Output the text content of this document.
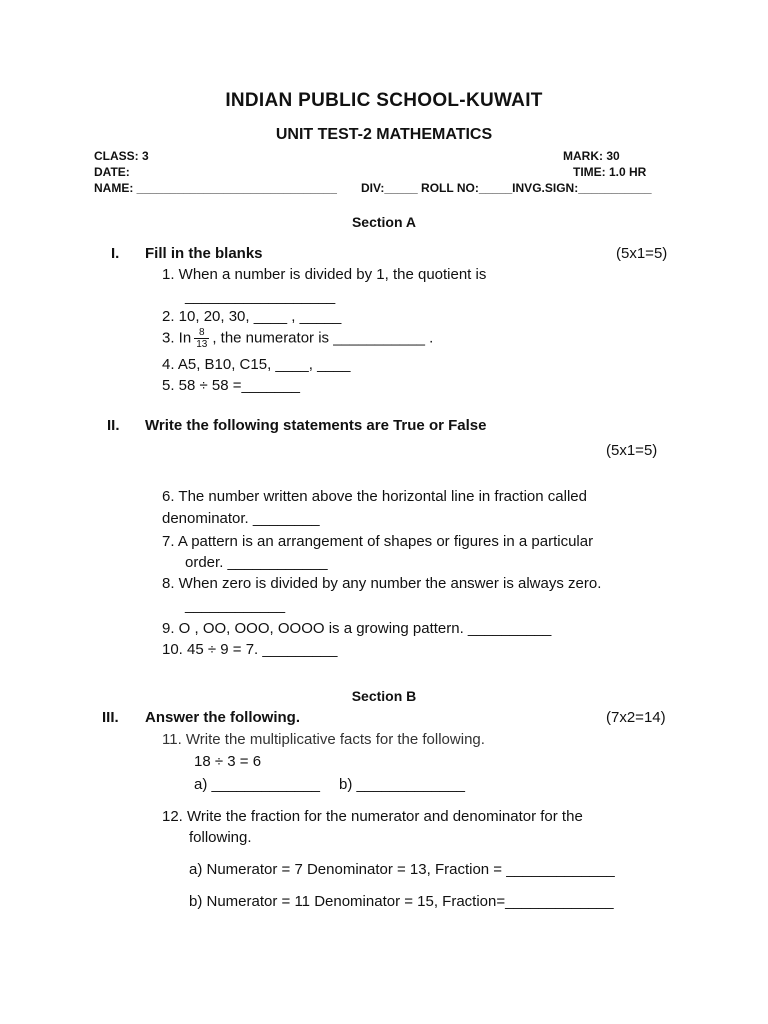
INDIAN PUBLIC SCHOOL-KUWAIT
UNIT TEST-2 MATHEMATICS
CLASS: 3	MARK: 30
DATE:	TIME: 1.0 HR
NAME: ______________________________ DIV:_____ ROLL NO:_____INVG.SIGN:___________
Section A
I. Fill in the blanks	(5x1=5)
1. When a number is divided by 1, the quotient is
__________________
2. 10, 20, 30, ____ , _____
3. In $\frac{8}{13}$ , the numerator is ___________ .
4. A5, B10, C15, ____, ____
5. 58 ÷ 58 =_______
II. Write the following statements are True or False
(5x1=5)
6. The number written above the horizontal line in fraction called
denominator. ________
7. A pattern is an arrangement of shapes or figures in a particular
order. ____________
8. When zero is divided by any number the answer is always zero.
____________
9. O , OO, OOO, OOOO is a growing pattern. __________
10. 45 ÷ 9 = 7. _________
Section B
III. Answer the following.	(7x2=14)
11. Write the multiplicative facts for the following.
18 ÷ 3 = 6
a) _____________ b) _____________
12. Write the fraction for the numerator and denominator for the
following.
a) Numerator = 7 Denominator = 13, Fraction = _____________
b) Numerator = 11 Denominator = 15, Fraction=_____________
